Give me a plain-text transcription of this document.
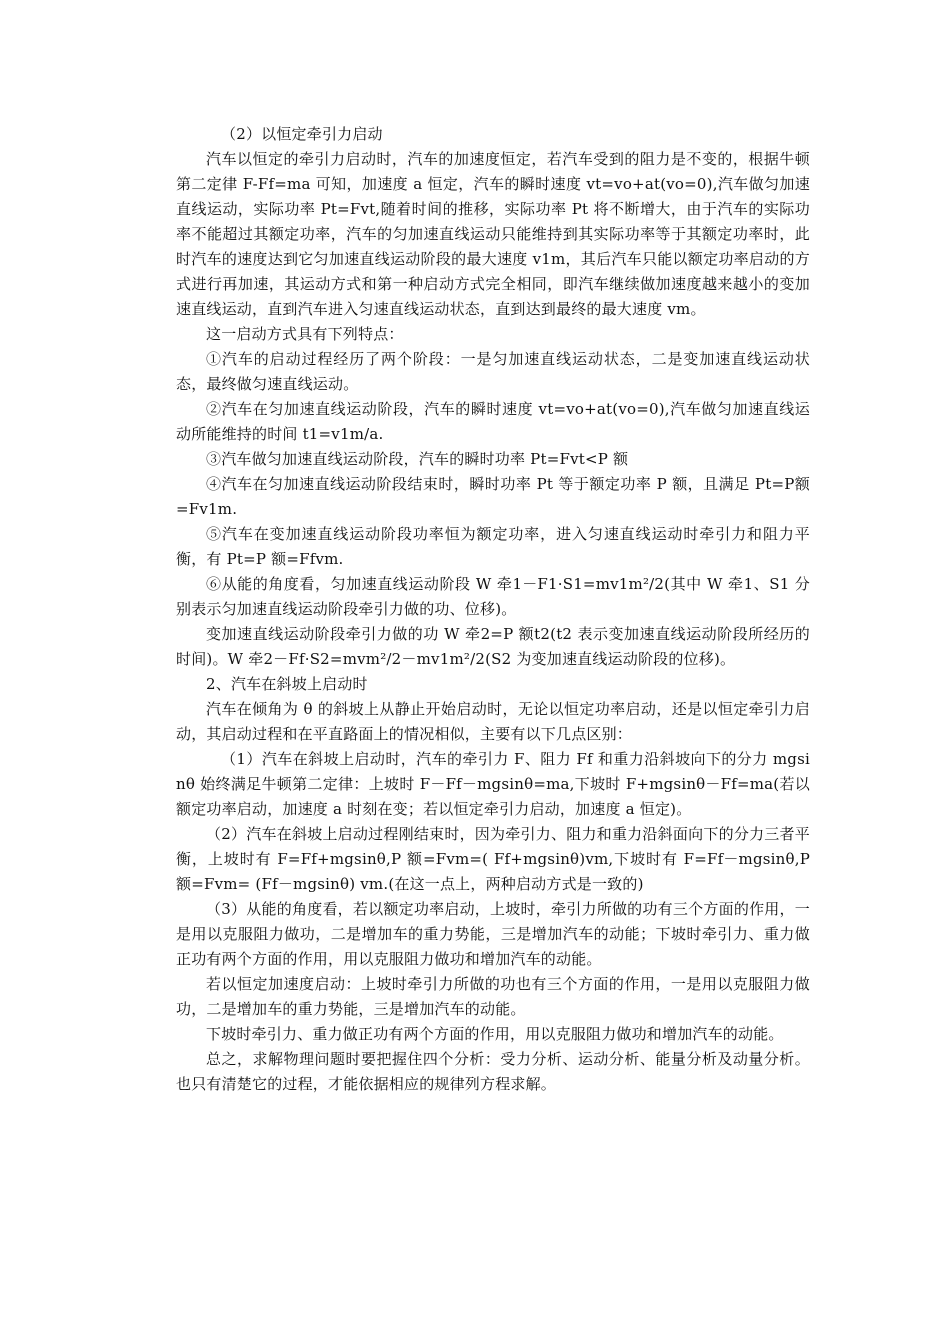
（2）以恒定牵引力启动

汽车以恒定的牵引力启动时，汽车的加速度恒定，若汽车受到的阻力是不变的，根据牛顿第二定律 F-Ff=ma 可知，加速度 a 恒定，汽车的瞬时速度 vt=vo+at(vo=0),汽车做匀加速直线运动，实际功率 Pt=Fvt,随着时间的推移，实际功率 Pt 将不断增大，由于汽车的实际功率不能超过其额定功率，汽车的匀加速直线运动只能维持到其实际功率等于其额定功率时，此时汽车的速度达到它匀加速直线运动阶段的最大速度 v1m，其后汽车只能以额定功率启动的方式进行再加速，其运动方式和第一种启动方式完全相同，即汽车继续做加速度越来越小的变加速直线运动，直到汽车进入匀速直线运动状态，直到达到最终的最大速度 vm。

这一启动方式具有下列特点：

①汽车的启动过程经历了两个阶段：一是匀加速直线运动状态，二是变加速直线运动状态，最终做匀速直线运动。

②汽车在匀加速直线运动阶段，汽车的瞬时速度 vt=vo+at(vo=0),汽车做匀加速直线运动所能维持的时间 t1=v1m/a.

③汽车做匀加速直线运动阶段，汽车的瞬时功率 Pt=Fvt<P 额

④汽车在匀加速直线运动阶段结束时，瞬时功率 Pt 等于额定功率 P 额，且满足 Pt=P额=Fv1m.

⑤汽车在变加速直线运动阶段功率恒为额定功率，进入匀速直线运动时牵引力和阻力平衡，有 Pt=P 额=Ffvm.

⑥从能的角度看，匀加速直线运动阶段 W 牵1－F1·S1=mv1m²/2(其中 W 牵1、S1 分别表示匀加速直线运动阶段牵引力做的功、位移)。

变加速直线运动阶段牵引力做的功 W 牵2=P 额t2(t2 表示变加速直线运动阶段所经历的时间)。W 牵2－Ff·S2=mvm²/2－mv1m²/2(S2 为变加速直线运动阶段的位移)。

2、汽车在斜坡上启动时

汽车在倾角为 θ 的斜坡上从静止开始启动时，无论以恒定功率启动，还是以恒定牵引力启动，其启动过程和在平直路面上的情况相似，主要有以下几点区别：

（1）汽车在斜坡上启动时，汽车的牵引力 F、阻力 Ff 和重力沿斜坡向下的分力 mgsinθ 始终满足牛顿第二定律：上坡时 F－Ff－mgsinθ=ma,下坡时 F+mgsinθ－Ff=ma(若以额定功率启动，加速度 a 时刻在变；若以恒定牵引力启动，加速度 a 恒定)。

（2）汽车在斜坡上启动过程刚结束时，因为牵引力、阻力和重力沿斜面向下的分力三者平衡，上坡时有 F=Ff+mgsinθ,P 额=Fvm=( Ff+mgsinθ)vm,下坡时有 F=Ff－mgsinθ,P 额=Fvm= (Ff－mgsinθ) vm.(在这一点上，两种启动方式是一致的)

（3）从能的角度看，若以额定功率启动，上坡时，牵引力所做的功有三个方面的作用，一是用以克服阻力做功，二是增加车的重力势能，三是增加汽车的动能；下坡时牵引力、重力做正功有两个方面的作用，用以克服阻力做功和增加汽车的动能。

若以恒定加速度启动：上坡时牵引力所做的功也有三个方面的作用，一是用以克服阻力做功，二是增加车的重力势能，三是增加汽车的动能。

下坡时牵引力、重力做正功有两个方面的作用，用以克服阻力做功和增加汽车的动能。

总之，求解物理问题时要把握住四个分析：受力分析、运动分析、能量分析及动量分析。也只有清楚它的过程，才能依据相应的规律列方程求解。
